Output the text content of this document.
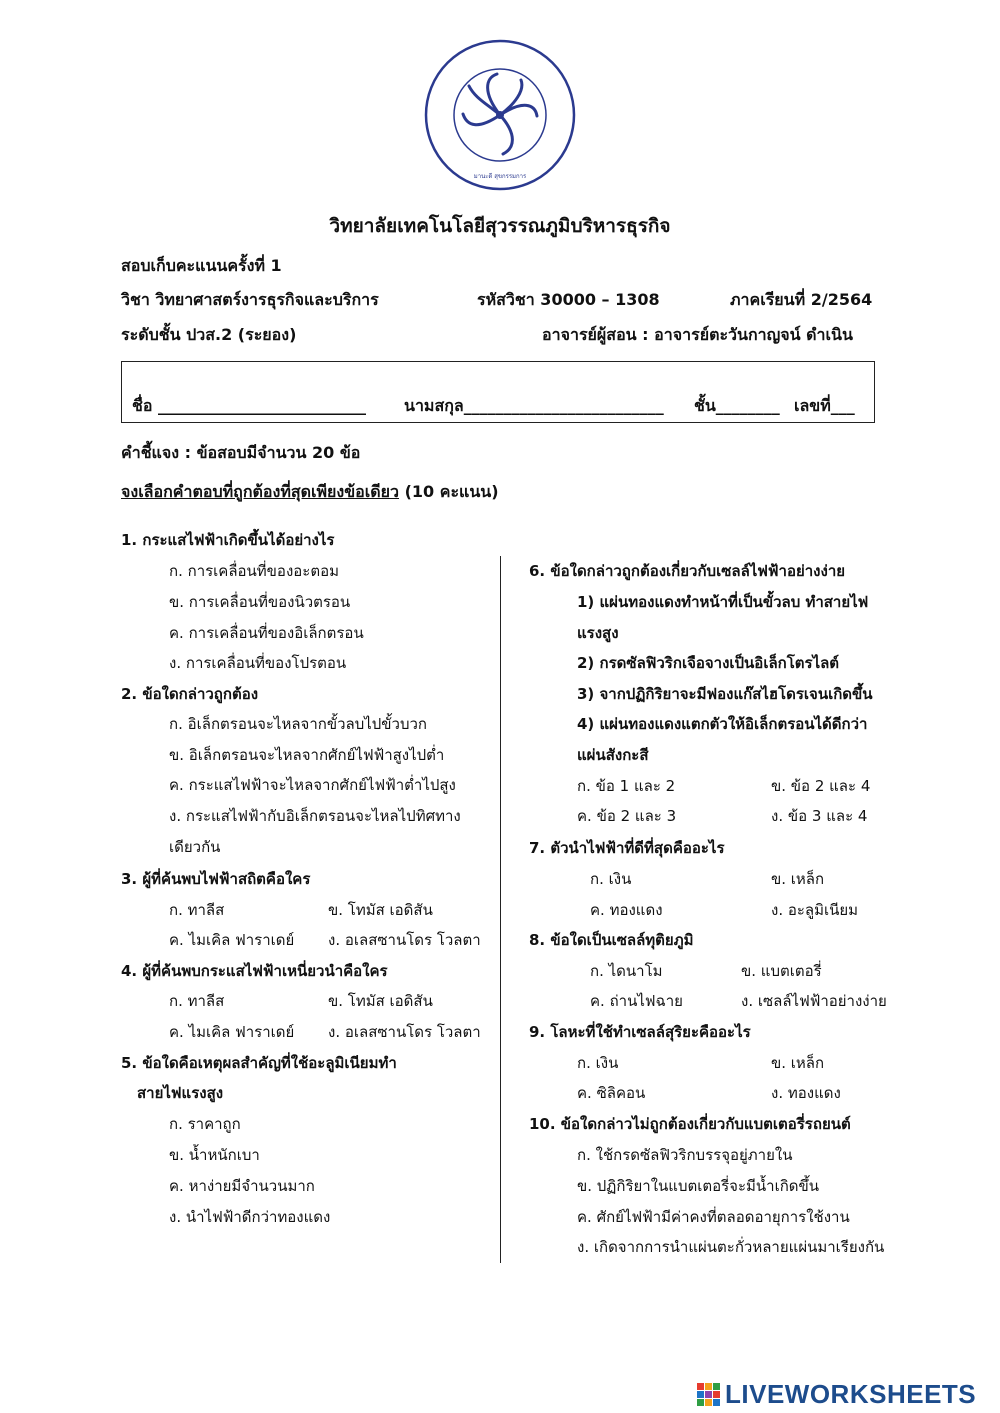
มานะดี สุขกรรมการ
วิทยาลัยเทคโนโลยีสุวรรณภูมิบริหารธุรกิจ
สอบเก็บคะแนนครั้งที่ 1
วิชา วิทยาศาสตร์งารธุรกิจและบริการ	รหัสวิชา 30000 – 1308	ภาคเรียนที่ 2/2564
ระดับชั้น ปวส.2 (ระยอง)	อาจารย์ผู้สอน : อาจารย์ตะวันกาญจน์ ดำเนิน
ชื่อ __________________________ นามสกุล_________________________ ชั้น________ เลขที่___
คำชี้แจง : ข้อสอบมีจำนวน 20 ข้อ
จงเลือกคำตอบที่ถูกต้องที่สุดเพียงข้อเดียว (10 คะแนน)
1. กระแสไฟฟ้าเกิดขึ้นได้อย่างไร
ก. การเคลื่อนที่ของอะตอม
ข. การเคลื่อนที่ของนิวตรอน
ค. การเคลื่อนที่ของอิเล็กตรอน
ง. การเคลื่อนที่ของโปรตอน
2. ข้อใดกล่าวถูกต้อง
ก. อิเล็กตรอนจะไหลจากขั้วลบไปขั้วบวก
ข. อิเล็กตรอนจะไหลจากศักย์ไฟฟ้าสูงไปต่ำ
ค. กระแสไฟฟ้าจะไหลจากศักย์ไฟฟ้าต่ำไปสูง
ง. กระแสไฟฟ้ากับอิเล็กตรอนจะไหลไปทิศทาง
เดียวกัน
3. ผู้ที่ค้นพบไฟฟ้าสถิตคือใคร
ก. ทาลีส	ข. โทมัส เอดิสัน
ค. ไมเคิล ฟาราเดย์ ง. อเลสซานโดร โวลตา
4. ผู้ที่ค้นพบกระแสไฟฟ้าเหนี่ยวนำคือใคร
ก. ทาลีส	ข. โทมัส เอดิสัน
ค. ไมเคิล ฟาราเดย์ ง. อเลสซานโดร โวลตา
5. ข้อใดคือเหตุผลสำคัญที่ใช้อะลูมิเนียมทำ
สายไฟแรงสูง
ก. ราคาถูก
ข. น้ำหนักเบา
ค. หาง่ายมีจำนวนมาก
ง. นำไฟฟ้าดีกว่าทองแดง
6. ข้อใดกล่าวถูกต้องเกี่ยวกับเซลล์ไฟฟ้าอย่างง่าย
1) แผ่นทองแดงทำหน้าที่เป็นขั้วลบ ทำสายไฟ
แรงสูง
2) กรดซัลฟิวริกเจือจางเป็นอิเล็กโตรไลต์
3) จากปฏิกิริยาจะมีฟองแก๊สไฮโดรเจนเกิดขึ้น
4) แผ่นทองแดงแตกตัวให้อิเล็กตรอนได้ดีกว่า
แผ่นสังกะสี
ก. ข้อ 1 และ 2	ข. ข้อ 2 และ 4
ค. ข้อ 2 และ 3	ง. ข้อ 3 และ 4
7. ตัวนำไฟฟ้าที่ดีที่สุดคืออะไร
ก. เงิน	ข. เหล็ก
ค. ทองแดง	ง. อะลูมิเนียม
8. ข้อใดเป็นเซลล์ทุติยภูมิ
ก. ไดนาโม	ข. แบตเตอรี่
ค. ถ่านไฟฉาย	ง. เซลล์ไฟฟ้าอย่างง่าย
9. โลหะที่ใช้ทำเซลล์สุริยะคืออะไร
ก. เงิน	ข. เหล็ก
ค. ซิลิคอน	ง. ทองแดง
10. ข้อใดกล่าวไม่ถูกต้องเกี่ยวกับแบตเตอรี่รถยนต์
ก. ใช้กรดซัลฟิวริกบรรจุอยู่ภายใน
ข. ปฏิกิริยาในแบตเตอรี่จะมีน้ำเกิดขึ้น
ค. ศักย์ไฟฟ้ามีค่าคงที่ตลอดอายุการใช้งาน
ง. เกิดจากการนำแผ่นตะกั่วหลายแผ่นมาเรียงกัน
LIVEWORKSHEETS
